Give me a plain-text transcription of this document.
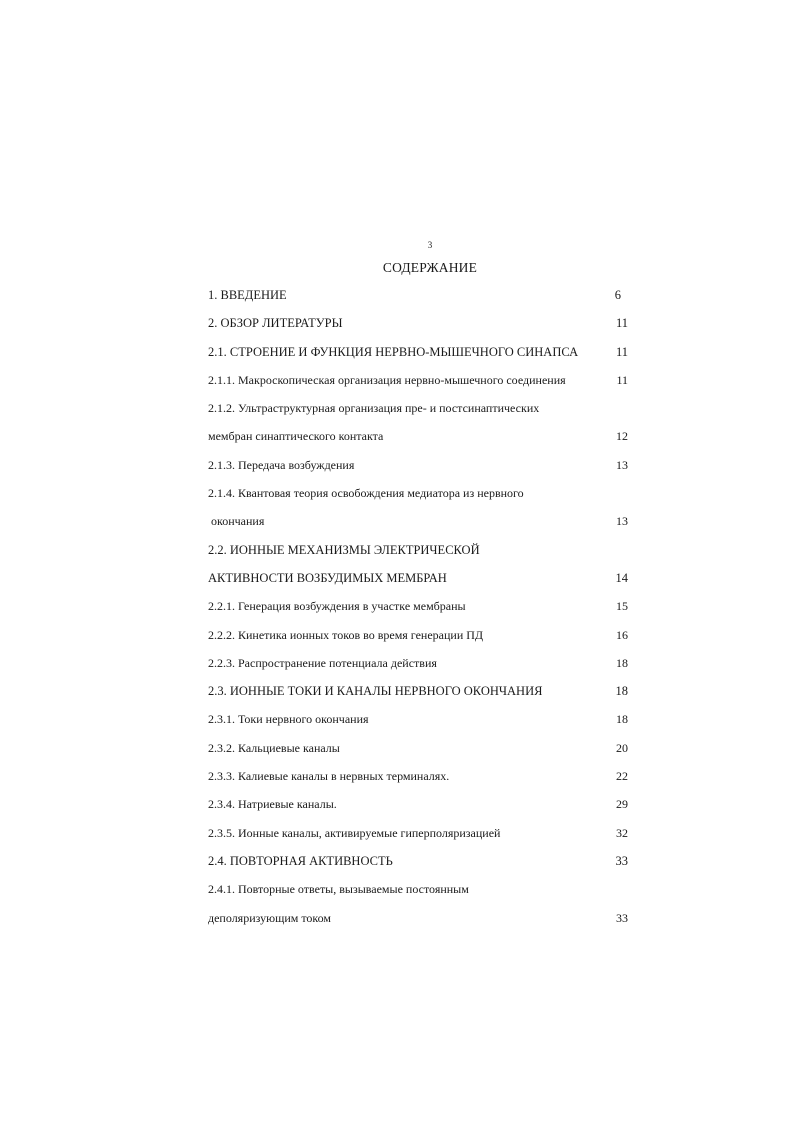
3
СОДЕРЖАНИЕ
1. ВВЕДЕНИЕ	6
2. ОБЗОР ЛИТЕРАТУРЫ	11
2.1. СТРОЕНИЕ И ФУНКЦИЯ НЕРВНО-МЫШЕЧНОГО СИНАПСА	11
2.1.1. Макроскопическая организация нервно-мышечного соединения	11
2.1.2. Ультраструктурная организация пре- и постсинаптических
мембран синаптического контакта	12
2.1.3. Передача возбуждения	13
2.1.4. Квантовая теория освобождения медиатора из нервного
окончания	13
2.2. ИОННЫЕ МЕХАНИЗМЫ ЭЛЕКТРИЧЕСКОЙ
АКТИВНОСТИ ВОЗБУДИМЫХ МЕМБРАН	14
2.2.1. Генерация возбуждения в участке мембраны	15
2.2.2. Кинетика ионных токов во время генерации ПД	16
2.2.3. Распространение потенциала действия	18
2.3. ИОННЫЕ ТОКИ И КАНАЛЫ НЕРВНОГО ОКОНЧАНИЯ	18
2.3.1. Токи нервного окончания	18
2.3.2. Кальциевые каналы	20
2.3.3. Калиевые каналы в нервных терминалях.	22
2.3.4. Натриевые каналы.	29
2.3.5. Ионные каналы, активируемые гиперполяризацией	32
2.4. ПОВТОРНАЯ АКТИВНОСТЬ	33
2.4.1. Повторные ответы, вызываемые постоянным
деполяризующим током	33
